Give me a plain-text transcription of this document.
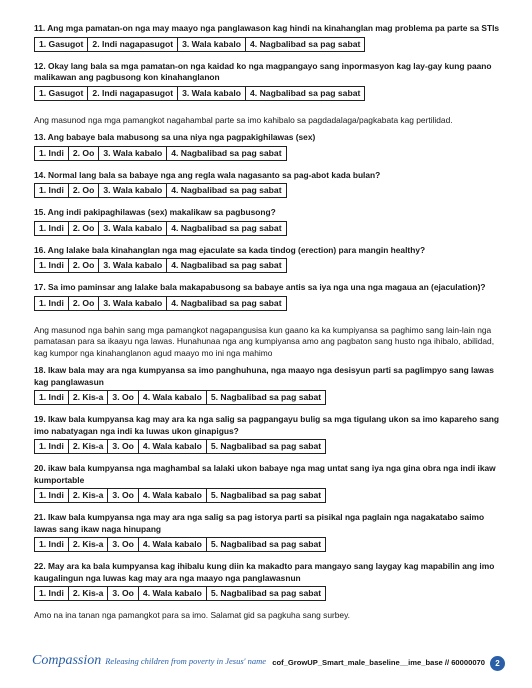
11. Ang mga pamatan-on nga may maayo nga panglawason kag hindi na kinahanglan mag problema pa parte sa STIs
1. Gasugot	2. Indi nagapasugot	3. Wala kabalo	4. Nagbalibad sa pag sabat
12. Okay lang bala sa mga pamatan-on nga kaidad ko nga magpangayo sang inpormasyon kag lay-gay kung paano malikawan ang pagbusong kon kinahanglanon
1. Gasugot	2. Indi nagapasugot	3. Wala kabalo	4. Nagbalibad sa pag sabat
Ang masunod nga mga pamangkot nagahambal parte sa imo kahibalo sa pagdadalaga/pagkabata kag pertilidad.
13. Ang babaye bala mabusong sa una niya nga pagpakighilawas (sex)
1. Indi	2. Oo	3. Wala kabalo	4. Nagbalibad sa pag sabat
14. Normal lang bala sa babaye nga ang regla wala nagasanto sa pag-abot kada bulan?
1. Indi	2. Oo	3. Wala kabalo	4. Nagbalibad sa pag sabat
15. Ang indi pakipaghilawas (sex) makalikaw sa pagbusong?
1. Indi	2. Oo	3. Wala kabalo	4. Nagbalibad sa pag sabat
16. Ang lalake bala kinahanglan nga mag ejaculate sa kada tindog (erection) para mangin healthy?
1. Indi	2. Oo	3. Wala kabalo	4. Nagbalibad sa pag sabat
17. Sa imo paminsar ang lalake bala makapabusong sa babaye antis sa iya nga una nga magaua an (ejaculation)?
1. Indi	2. Oo	3. Wala kabalo	4. Nagbalibad sa pag sabat
Ang masunod nga bahin sang mga pamangkot nagapangusisa kun gaano ka ka kumpiyansa sa paghimo sang lain-lain nga pamatasan para sa ikaayu nga lawas. Hunahunaa nga ang kumpiyansa amo ang pagbaton sang husto nga ihibalo, abilidad, kag kumpor nga kinahanglanon agud maayo mo ini nga mahimo
18. Ikaw bala may ara nga kumpyansa sa imo panghuhuna, nga maayo nga desisyun parti sa paglimpyo sang lawas kag panglawasun
1. Indi	2. Kis-a	3. Oo	4. Wala kabalo	5. Nagbalibad sa pag sabat
19. Ikaw bala kumpyansa kag may ara ka nga salig sa pagpangayu bulig sa mga tigulang ukon sa imo kapareho sang imo nabatyagan nga indi ka luwas ukon ginapigus?
1. Indi	2. Kis-a	3. Oo	4. Wala kabalo	5. Nagbalibad sa pag sabat
20. ikaw bala kumpyansa nga maghambal sa lalaki ukon babaye nga mag untat sang iya nga gina obra nga indi ikaw kumportable
1. Indi	2. Kis-a	3. Oo	4. Wala kabalo	5. Nagbalibad sa pag sabat
21. Ikaw bala kumpyansa nga may ara nga salig sa pag istorya parti sa pisikal nga paglain nga nagakatabo saimo lawas sang ikaw naga hinupang
1. Indi	2. Kis-a	3. Oo	4. Wala kabalo	5. Nagbalibad sa pag sabat
22. May ara ka bala kumpyansa kag ihibalu kung diin ka makadto para mangayo sang laygay kag mapabilin ang imo kaugalingun nga luwas kag may ara nga maayo nga panglawasnun
1. Indi	2. Kis-a	3. Oo	4. Wala kabalo	5. Nagbalibad sa pag sabat
Amo na ina tanan nga pamangkot para sa imo. Salamat gid sa pagkuha sang surbey.
Compassion Releasing children from poverty in Jesus' name cof_GrowUP_Smart_male_baseline__ime_base // 60000070	2
